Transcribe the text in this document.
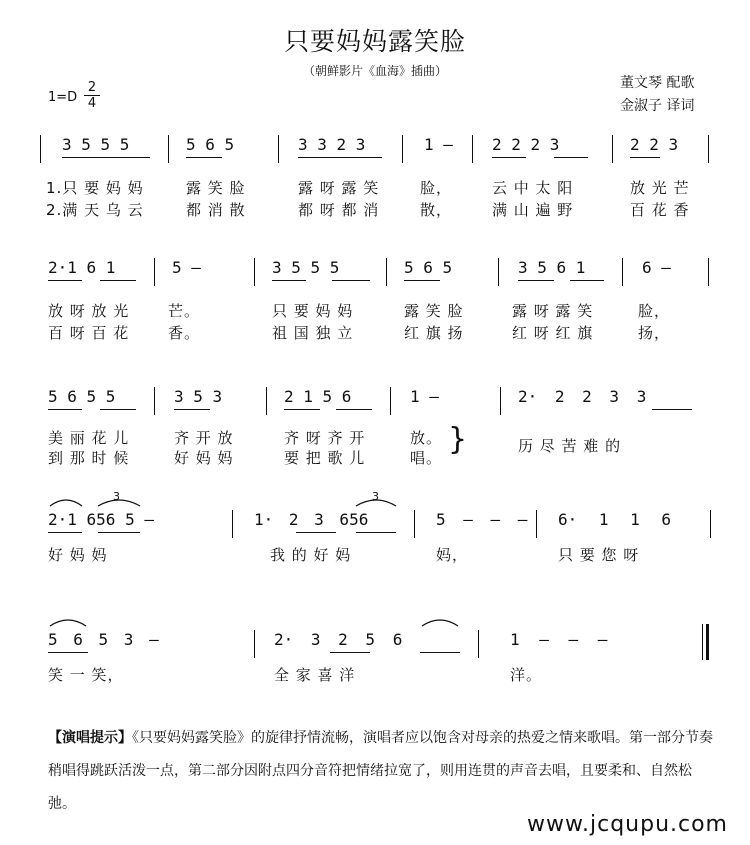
只要妈妈露笑脸
（朝鲜影片《血海》插曲）
董文琴 配歌
金淑子 译词
1=D
2
4
3 5 5 5
1.只 要 妈 妈
2.满 天 乌 云
5 6 5
露 笑 脸
都 消 散
3 3 2 3
露 呀 露 笑
都 呀 都 消
1 –
脸，
散，
2 2 2 3
云 中 太 阳
满 山 遍 野
2 2 3
放 光 芒
百 花 香
2·1 6 1
放 呀 放 光
百 呀 百 花
5 –
芒。
香。
3 5 5 5
只 要 妈 妈
祖 国 独 立
5 6 5
露 笑 脸
红 旗 扬
3 5 6 1
露 呀 露 笑
红 呀 红 旗
6 –
脸，
扬，
5 6 5 5
美 丽 花 儿
到 那 时 候
3 5 3
齐 开 放
好 妈 妈
2 1 5 6
齐 呀 齐 开
要 把 歌 儿
1 –
放。
唱。
}
2· 2 2 3 3
历 尽 苦 难 的
3
2·1 656 5 –
好 妈 妈
1· 2 3 656
我 的 好 妈
3
5 – – –
妈，
6· 1 1 6
只 要 您 呀
5 6 5 3 –
笑 一 笑，
2· 3 2 5 6
全 家 喜 洋
1 – – –
洋。
【演唱提示】《只要妈妈露笑脸》的旋律抒情流畅，演唱者应以饱含对母亲的热爱之情来歌唱。第一部分节奏稍唱得跳跃活泼一点，第二部分因附点四分音符把情绪拉宽了，则用连贯的声音去唱，且要柔和、自然松弛。
www.jcqupu.com
